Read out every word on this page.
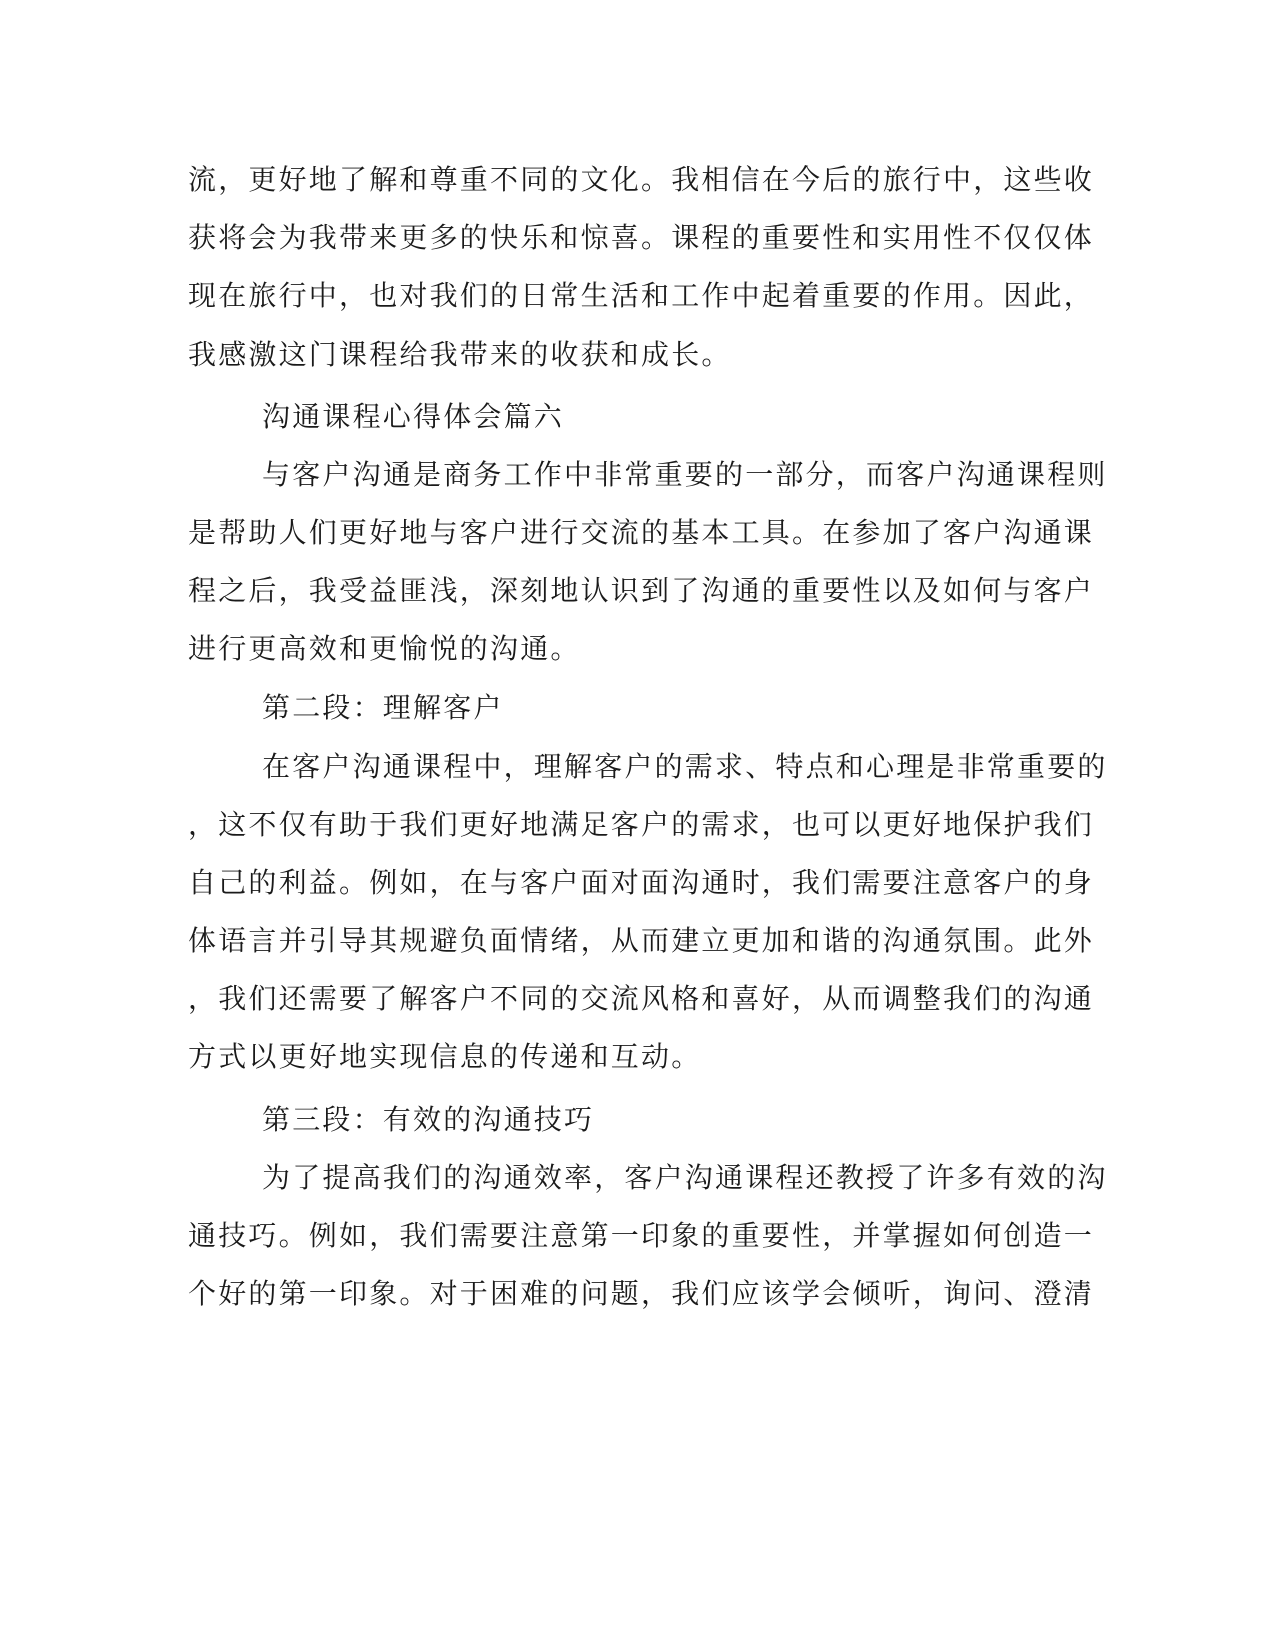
流，更好地了解和尊重不同的文化。我相信在今后的旅行中，这些收
获将会为我带来更多的快乐和惊喜。课程的重要性和实用性不仅仅体
现在旅行中，也对我们的日常生活和工作中起着重要的作用。因此，
我感激这门课程给我带来的收获和成长。
沟通课程心得体会篇六
与客户沟通是商务工作中非常重要的一部分，而客户沟通课程则
是帮助人们更好地与客户进行交流的基本工具。在参加了客户沟通课
程之后，我受益匪浅，深刻地认识到了沟通的重要性以及如何与客户
进行更高效和更愉悦的沟通。
第二段：理解客户
在客户沟通课程中，理解客户的需求、特点和心理是非常重要的
，这不仅有助于我们更好地满足客户的需求，也可以更好地保护我们
自己的利益。例如，在与客户面对面沟通时，我们需要注意客户的身
体语言并引导其规避负面情绪，从而建立更加和谐的沟通氛围。此外
，我们还需要了解客户不同的交流风格和喜好，从而调整我们的沟通
方式以更好地实现信息的传递和互动。
第三段：有效的沟通技巧
为了提高我们的沟通效率，客户沟通课程还教授了许多有效的沟
通技巧。例如，我们需要注意第一印象的重要性，并掌握如何创造一
个好的第一印象。对于困难的问题，我们应该学会倾听，询问、澄清
